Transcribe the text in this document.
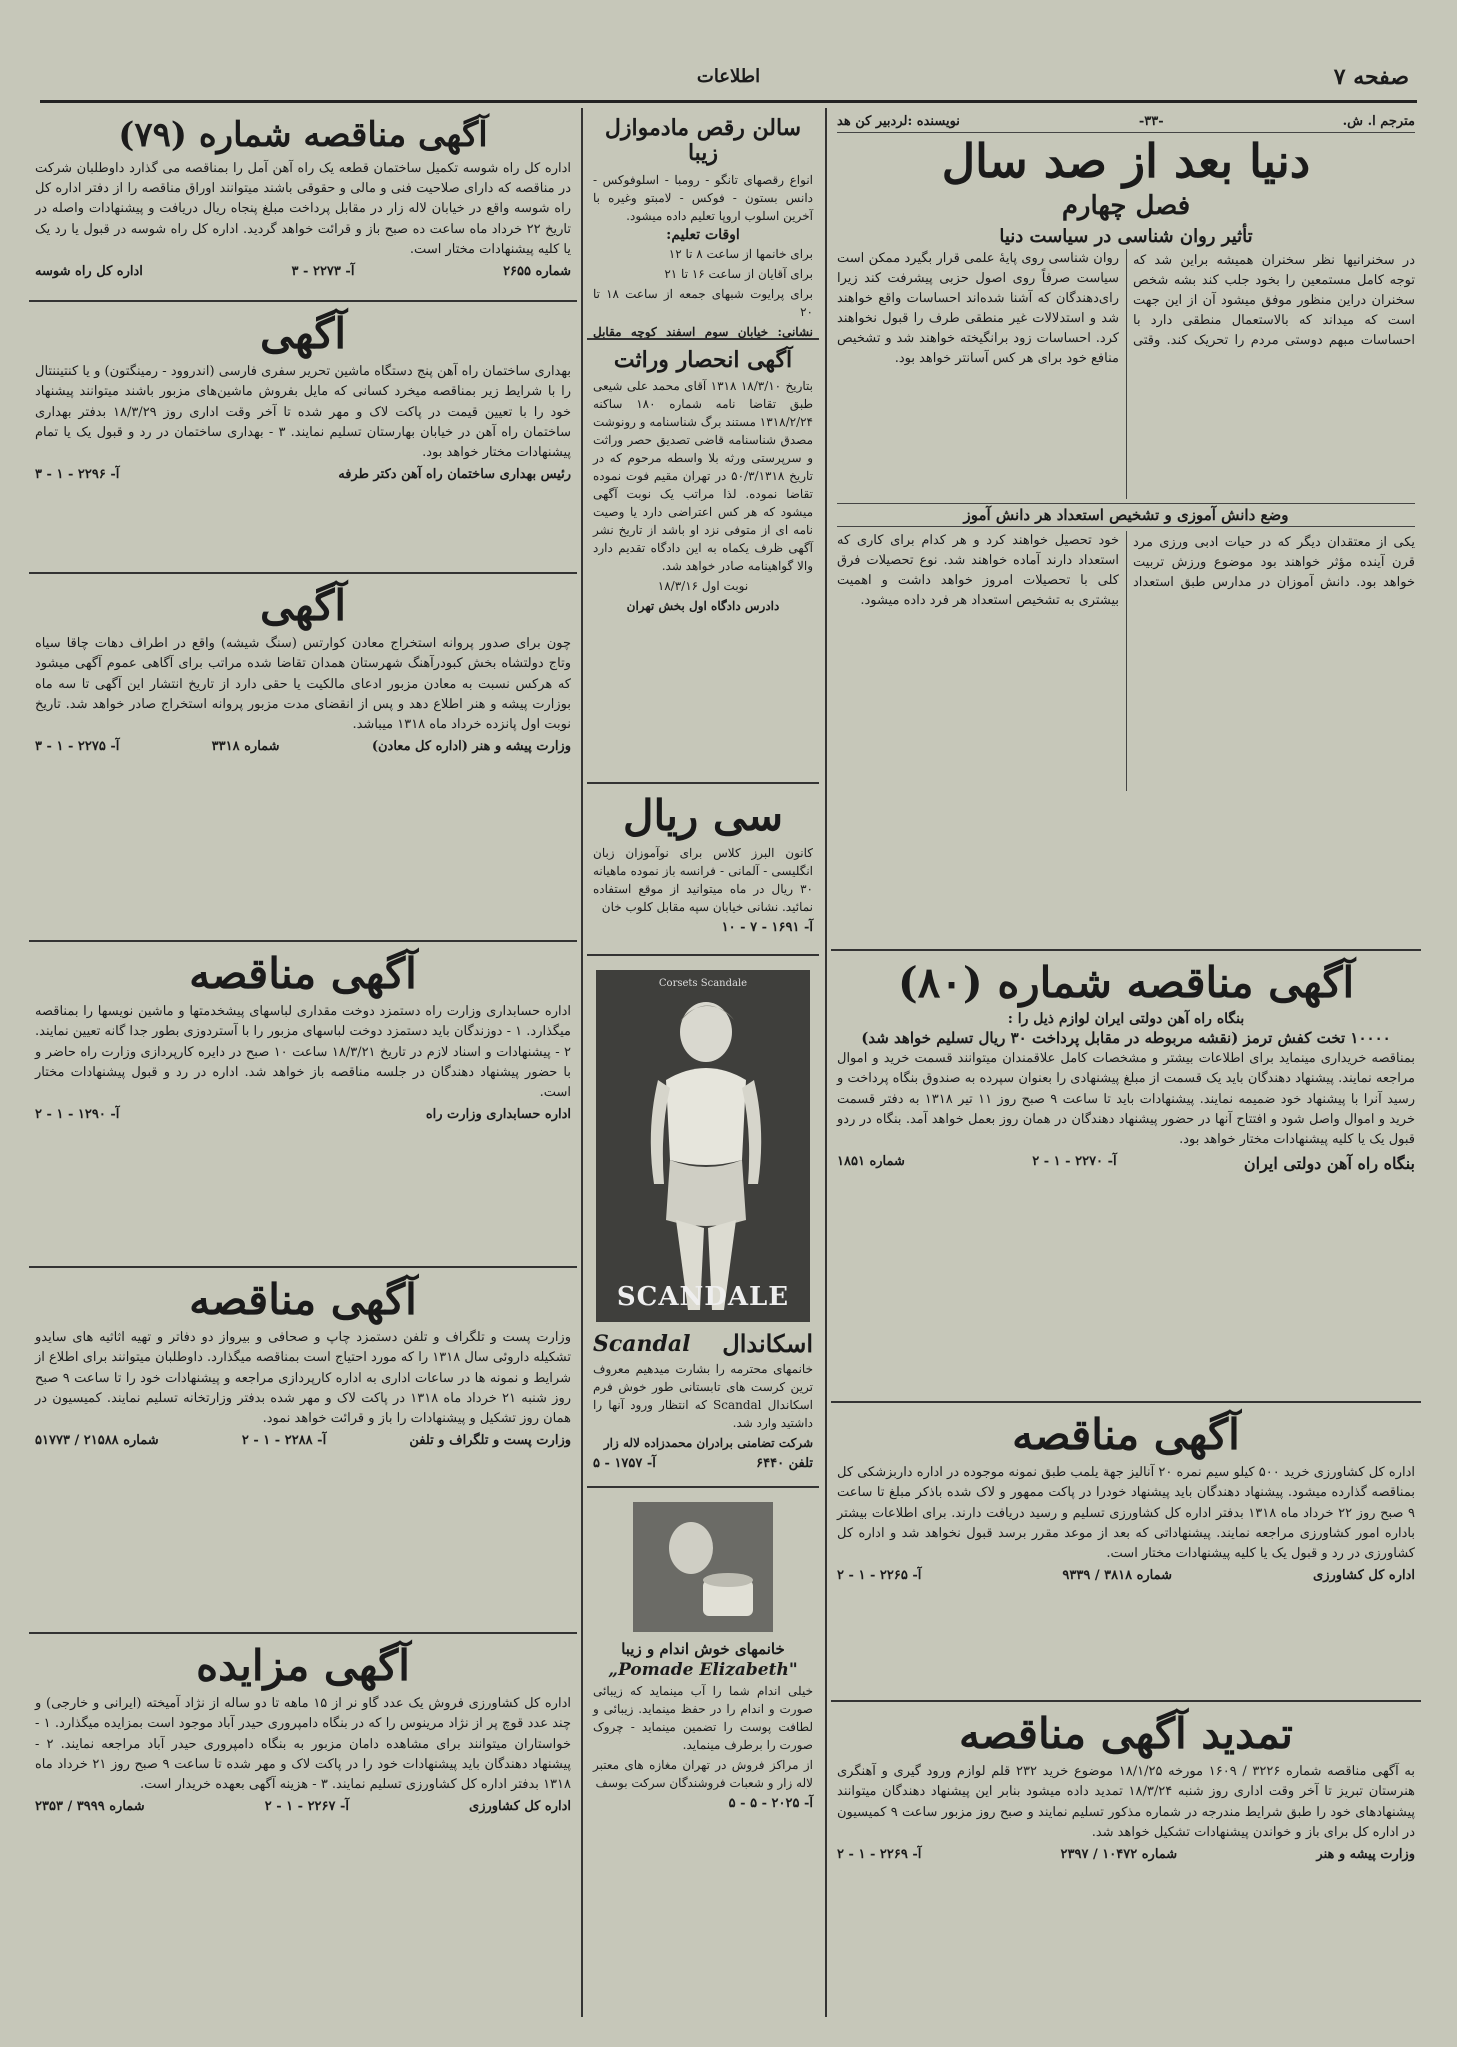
صفحه ۷
اطلاعات
مترجم ا. ش.
-۳۳-
نویسنده :لردبیر کن هد
دنیا بعد از صد سال
فصل چهارم
تأثیر روان شناسی در سیاست دنیا

در سخنرانیها نظر سخنران همیشه براین شد که توجه کامل مستمعین را بخود جلب کند بشه شخص سخنران دراین منظور موفق میشود آن از این جهت است که میداند که بالاستعمال منطقی دارد با احساسات مبهم دوستی مردم را تحریک کند. وقتی روان شناسی روی پایهٔ علمی قرار بگیرد ممکن است سیاست صرفاً روی اصول حزبی پیشرفت کند زیرا رای‌دهندگان که آشنا شده‌اند احساسات واقع خواهند شد و استدلالات غیر منطقی طرف را قبول نخواهند کرد. احساسات زود برانگیخته خواهند شد و تشخیص منافع خود برای هر کس آسانتر خواهد بود.

وضع دانش آموزی و تشخیص استعداد هر دانش آموز

یکی از معتقدان دیگر که در حیات ادبی ورزی مرد قرن آینده مؤثر خواهند بود موضوع ورزش تربیت خواهد بود. دانش آموزان در مدارس طبق استعداد خود تحصیل خواهند کرد و هر کدام برای کاری که استعداد دارند آماده خواهند شد. نوع تحصیلات فرق کلی با تحصیلات امروز خواهد داشت و اهمیت بیشتری به تشخیص استعداد هر فرد داده میشود.

آگهی مناقصه شماره (۸۰)
بنگاه راه آهن دولتی ایران لوازم ذیل را :
۱۰۰۰۰ تخت کفش ترمز (نقشه مربوطه در مقابل پرداخت ۳۰ ریال تسلیم خواهد شد)

بمناقصه خریداری مینماید برای اطلاعات بیشتر و مشخصات کامل علاقمندان میتوانند قسمت خرید و اموال مراجعه نمایند. پیشنهاد دهندگان باید یک قسمت از مبلغ پیشنهادی را بعنوان سپرده به صندوق بنگاه پرداخت و رسید آنرا با پیشنهاد خود ضمیمه نمایند. پیشنهادات باید تا ساعت ۹ صبح روز ۱۱ تیر ۱۳۱۸ به دفتر قسمت خرید و اموال واصل شود و افتتاح آنها در حضور پیشنهاد دهندگان در همان روز بعمل خواهد آمد. بنگاه در ردو قبول یک یا کلیه پیشنهادات مختار خواهد بود.

بنگاه راه آهن دولتی ایران
آ- ۲۲۷۰ - ۱ - ۲
شماره ۱۸۵۱
آگهی مناقصه

اداره کل کشاورزی خرید ۵۰۰ کیلو سیم نمره ۲۰ آنالیز جهة یلمب طبق نمونه موجوده در اداره داربزشکی کل بمناقصه گذارده میشود. پیشنهاد دهندگان باید پیشنهاد خودرا در پاکت ممهور و لاک شده باذکر مبلغ تا ساعت ۹ صبح روز ۲۲ خرداد ماه ۱۳۱۸ بدفتر اداره کل کشاورزی تسلیم و رسید دریافت دارند. برای اطلاعات بیشتر باداره امور کشاورزی مراجعه نمایند. پیشنهاداتی که بعد از موعد مقرر برسد قبول نخواهد شد و اداره کل کشاورزی در رد و قبول یک یا کلیه پیشنهادات مختار است.

اداره کل کشاورزی
شماره ۳۸۱۸ / ۹۳۳۹
آ- ۲۲۶۵ - ۱ - ۲
تمدید آگهی مناقصه

به آگهی مناقصه شماره ۳۲۲۶ / ۱۶۰۹ مورخه ۱۸/۱/۲۵ موضوع خرید ۲۳۲ قلم لوازم ورود گیری و آهنگری هنرستان تبریز تا آخر وقت اداری روز شنبه ۱۸/۳/۲۴ تمدید داده میشود بنابر این پیشنهاد دهندگان میتوانند پیشنهادهای خود را طبق شرایط مندرجه در شماره مذکور تسلیم نمایند و صبح روز مزبور ساعت ۹ کمیسیون در اداره کل برای باز و خواندن پیشنهادات تشکیل خواهد شد.

وزارت پیشه و هنر
شماره ۱۰۴۷۲ / ۲۳۹۷
آ- ۲۲۶۹ - ۱ - ۲
سالن رقص مادموازل زیبا

انواع رقصهای تانگو - رومبا - اسلوفوکس - دانس بستون - فوکس - لامبتو وغیره با آخرین اسلوب اروپا تعلیم داده میشود.

اوقات تعلیم:

برای خانمها از ساعت ۸ تا ۱۲

برای آقایان از ساعت ۱۶ تا ۲۱

برای پرایوت شبهای جمعه از ساعت ۱۸ تا ۲۰

نشانی: خیابان سوم اسفند کوچه مقابل

آگهی انحصار وراثت

بتاریخ ۱۸/۳/۱۰ ۱۳۱۸ آقای محمد علی شیعی طبق تقاضا نامه شماره ۱۸۰ ساکنه ۱۳۱۸/۲/۲۴ مستند برگ شناسنامه و رونوشت مصدق شناسنامه قاضی تصدیق حصر وراثت و سرپرستی ورثه بلا واسطه مرحوم که در تاریخ ۵۰/۳/۱۳۱۸ در تهران مقیم فوت نموده تقاضا نموده. لذا مراتب یک نوبت آگهی میشود که هر کس اعتراضی دارد یا وصیت نامه ای از متوفی نزد او باشد از تاریخ نشر آگهی ظرف یکماه به این دادگاه تقدیم دارد والا گواهینامه صادر خواهد شد.

نوبت اول ۱۸/۳/۱۶

دادرس دادگاه اول بخش تهران

سی ریال

کانون البرز کلاس برای نوآموزان زبان انگلیسی - آلمانی - فرانسه باز نموده ماهیانه ۳۰ ریال در ماه میتوانید از موقع استفاده نمائید. نشانی خیابان سپه مقابل کلوب خان

آ- ۱۶۹۱ - ۷ - ۱۰
Corsets Scandale
SCANDALE
اسکاندال
Scandal

خانمهای محترمه را بشارت میدهیم معروف ترین کرست های تابستانی طور خوش فرم اسکاندال Scandal که انتظار ورود آنها را داشتید وارد شد.

شرکت تضامنی برادران محمدزاده لاله زار

تلفن ۶۴۴۰
آ- ۱۷۵۷ - ۵
خانمهای خوش اندام و زیبا
„Pomade Elizabeth"

خیلی اندام شما را آب مینماید که زیبائی صورت و اندام را در حفظ مینماید. زیبائی و لطافت پوست را تضمین مینماید - چروک صورت را برطرف مینماید.

از مراکز فروش در تهران مغازه های معتبر لاله زار و شعبات فروشندگان سرکت بوسف

آ- ۲۰۲۵ - ۵ - ۵
آگهی مناقصه شماره (۷۹)

اداره کل راه شوسه تکمیل ساختمان قطعه یک راه آهن آمل را بمناقصه می گذارد داوطلبان شرکت در مناقصه که دارای صلاحیت فنی و مالی و حقوقی باشند میتوانند اوراق مناقصه را از دفتر اداره کل راه شوسه واقع در خیابان لاله زار در مقابل پرداخت مبلغ پنجاه ریال دریافت و پیشنهادات واصله در تاریخ ۲۲ خرداد ماه ساعت ده صبح باز و قرائت خواهد گردید. اداره کل راه شوسه در قبول یا رد یک یا کلیه پیشنهادات مختار است.

شماره ۲۶۵۵
آ- ۲۲۷۳ - ۳
اداره کل راه شوسه
آگهی

بهداری ساختمان راه آهن پنج دستگاه ماشین تحریر سفری فارسی (اندروود - رمینگتون) و یا کنتیننتال را با شرایط زیر بمناقصه میخرد کسانی که مایل بفروش ماشین‌های مزبور باشند میتوانند پیشنهاد خود را با تعیین قیمت در پاکت لاک و مهر شده تا آخر وقت اداری روز ۱۸/۳/۲۹ بدفتر بهداری ساختمان راه آهن در خیابان بهارستان تسلیم نمایند. ۳ - بهداری ساختمان در رد و قبول یک یا تمام پیشنهادات مختار خواهد بود.

رئیس بهداری ساختمان راه آهن دکتر طرفه
آ- ۲۲۹۶ - ۱ - ۳
آگهی

چون برای صدور پروانه استخراج معادن کوارتس (سنگ شیشه) واقع در اطراف دهات چاقا سیاه وتاج دولتشاه بخش کبودرآهنگ شهرستان همدان تقاضا شده مراتب برای آگاهی عموم آگهی میشود که هرکس نسبت به معادن مزبور ادعای مالکیت یا حقی دارد از تاریخ انتشار این آگهی تا سه ماه بوزارت پیشه و هنر اطلاع دهد و پس از انقضای مدت مزبور پروانه استخراج صادر خواهد شد. تاریخ نوبت اول پانزده خرداد ماه ۱۳۱۸ میباشد.

وزارت پیشه و هنر (اداره کل معادن)
شماره ۳۳۱۸
آ- ۲۲۷۵ - ۱ - ۳
آگهی مناقصه

اداره حسابداری وزارت راه دستمزد دوخت مقداری لباسهای پیشخدمتها و ماشین نویسها را بمناقصه میگذارد. ۱ - دوزندگان باید دستمزد دوخت لباسهای مزبور را با آستردوزی بطور جدا گانه تعیین نمایند. ۲ - پیشنهادات و اسناد لازم در تاریخ ۱۸/۳/۲۱ ساعت ۱۰ صبح در دایره کارپردازی وزارت راه حاضر و با حضور پیشنهاد دهندگان در جلسه مناقصه باز خواهد شد. اداره در رد و قبول پیشنهادات مختار است.

اداره حسابداری وزارت راه
آ- ۱۲۹۰ - ۱ - ۲
آگهی مناقصه

وزارت پست و تلگراف و تلفن دستمزد چاپ و صحافی و بیرواز دو دفاتر و تهیه اثاثیه های سایدو تشکیله داروئی سال ۱۳۱۸ را که مورد احتیاج است بمناقصه میگذارد. داوطلبان میتوانند برای اطلاع از شرایط و نمونه ها در ساعات اداری به اداره کارپردازی مراجعه و پیشنهادات خود را تا ساعت ۹ صبح روز شنبه ۲۱ خرداد ماه ۱۳۱۸ در پاکت لاک و مهر شده بدفتر وزارتخانه تسلیم نمایند. کمیسیون در همان روز تشکیل و پیشنهادات را باز و قرائت خواهد نمود.

وزارت پست و تلگراف و تلفن
آ- ۲۲۸۸ - ۱ - ۲
شماره ۲۱۵۸۸ / ۵۱۷۷۳
آگهی مزایده

اداره کل کشاورزی فروش یک عدد گاو نر از ۱۵ ماهه تا دو ساله از نژاد آمیخته (ایرانی و خارجی) و چند عدد قوچ پر از نژاد مرینوس را که در بنگاه دامپروری حیدر آباد موجود است بمزایده میگذارد. ۱ - خواستاران میتوانند برای مشاهده دامان مزبور به بنگاه دامپروری حیدر آباد مراجعه نمایند. ۲ - پیشنهاد دهندگان باید پیشنهادات خود را در پاکت لاک و مهر شده تا ساعت ۹ صبح روز ۲۱ خرداد ماه ۱۳۱۸ بدفتر اداره کل کشاورزی تسلیم نمایند. ۳ - هزینه آگهی بعهده خریدار است.

اداره کل کشاورزی
آ- ۲۲۶۷ - ۱ - ۲
شماره ۳۹۹۹ / ۲۳۵۳
